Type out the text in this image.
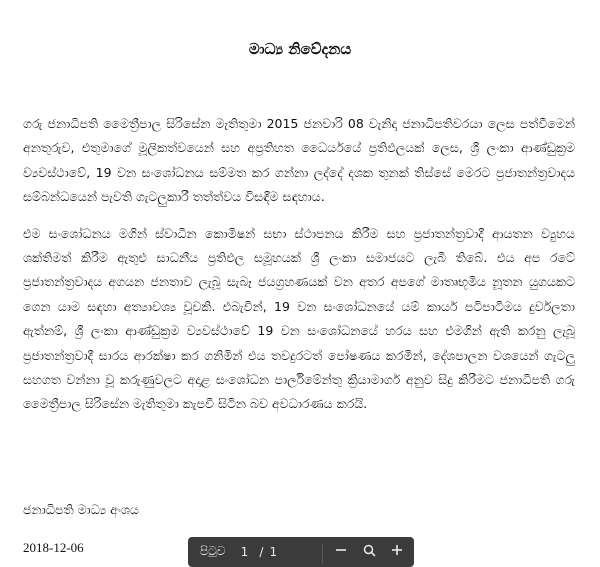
මාධ්‍ය නිවේදනය

ගරු ජනාධිපති මෛත්‍රීපාල සිරිසේන මැතිතුමා 2015 ජනවාරි 08 වැනිදා ජනාධිපතිවරයා ලෙස පත්වීමෙන් අනතුරුව, එතුමාගේ මූලිකත්වයෙන් සහ අප්‍රතිහත ධෛර්යයේ ප්‍රතිඵලයක් ලෙස, ශ්‍රී ලංකා ආණ්ඩුක්‍රම ව්‍යවස්ථාවේ, 19 වන සංශෝධනය සම්මත කර ගන්නා ලද්දේ දශක තුනක් තිස්සේ මෙරට ප්‍රජාතන්ත්‍රවාදය සම්බන්ධයෙන් පැවති ගැටලුකාරී තත්ත්වය විසඳීම සඳහාය.

එම සංශෝධනය මගින් ස්වාධීන කොමිෂන් සභා ස්ථාපනය කිරීම සහ ප්‍රජාතන්ත්‍රවාදී ආයතන ව්‍යුහය ශක්තිමත් කිරීම ඇතුළු සාධනීය ප්‍රතිඵල සමූහයක් ශ්‍රී ලංකා සමාජයට ලැබී තිබේ. එය අප රටේ ප්‍රජාතන්ත්‍රවාදය අගයන ජනතාව ලැබූ සැබෑ ජයග්‍රහණයක් වන අතර අපගේ මාතෘභූමිය නූතන යුගයකට ගෙන යාම සඳහා අත්‍යාවශ්‍ය වූවකි. එබැවින්, 19 වන සංශෝධනයේ යම් කාර්ය පටිපාටිමය දුර්වලතා ඇත්නම්, ශ්‍රී ලංකා ආණ්ඩුක්‍රම ව්‍යවස්ථාවේ 19 වන සංශෝධනයේ හරය සහ එමගින් ඇති කරනු ලැබූ ප්‍රජාතන්ත්‍රවාදී සාරය ආරක්ෂා කර ගනිමින් එය තවදුරටත් පෝෂණය කරමින්, දේශපාලන වශයෙන් ගැටලු සහගත වන්නා වූ කරුණුවලට අදාළ සංශෝධන පාර්ලිමේන්තු ක්‍රියාමාර්ග අනුව සිදු කිරීමට ජනාධිපති ගරු මෛත්‍රීපාල සිරිසේන මැතිතුමා කැපවී සිටින බව අවධාරණය කරයි.

ජනාධිපති මාධ්‍ය අංශය

2018-12-06	පිටුව	1 / 1
